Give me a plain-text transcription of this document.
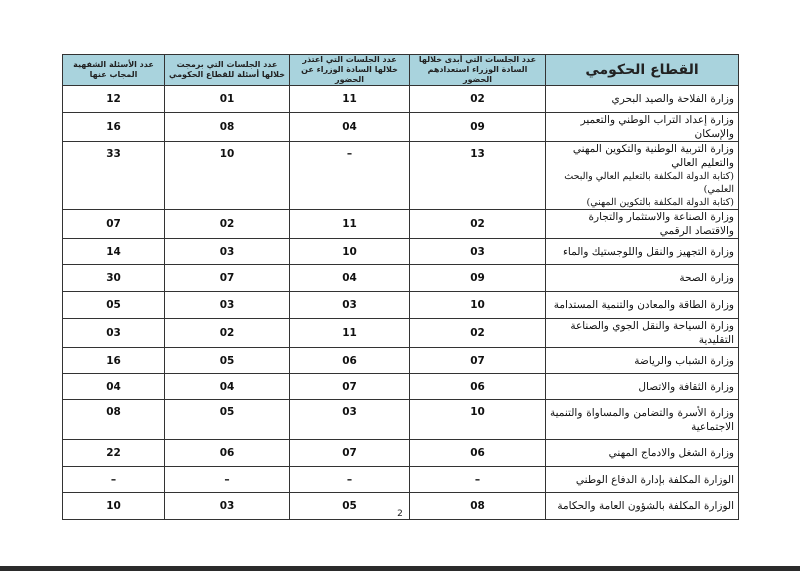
القطاع الحكومي	عدد الجلسات التي أبدى خلالها السادة الوزراء استعدادهم الحضور	عدد الجلسات التي اعتذر خلالها السادة الوزراء عن الحضور	عدد الجلسات التي برمجت خلالها أسئلة للقطاع الحكومي	عدد الأسئلة الشفهية المجاب عنها
وزارة الفلاحة والصيد البحري	02	11	01	12
وزارة إعداد التراب الوطني والتعمير والإسكان	09	04	08	16
وزارة التربية الوطنية والتكوين المهني والتعليم العالي
(كتابة الدولة المكلفة بالتعليم العالي والبحث العلمي)
(كتابة الدولة المكلفة بالتكوين المهني)	13	–	10	33
وزارة الصناعة والاستثمار والتجارة والاقتصاد الرقمي	02	11	02	07
وزارة التجهيز والنقل واللوجستيك والماء	03	10	03	14
وزارة الصحة	09	04	07	30
وزارة الطاقة والمعادن والتنمية المستدامة	10	03	03	05
وزارة السياحة والنقل الجوي والصناعة التقليدية	02	11	02	03
وزارة الشباب والرياضة	07	06	05	16
وزارة الثقافة والاتصال	06	07	04	04
وزارة الأسرة والتضامن والمساواة والتنمية الاجتماعية	10	03	05	08
وزارة الشغل والادماج المهني	06	07	06	22
الوزارة المكلفة بإدارة الدفاع الوطني	–	–	–	–
الوزارة المكلفة بالشؤون العامة والحكامة	08	05	03	10
2
